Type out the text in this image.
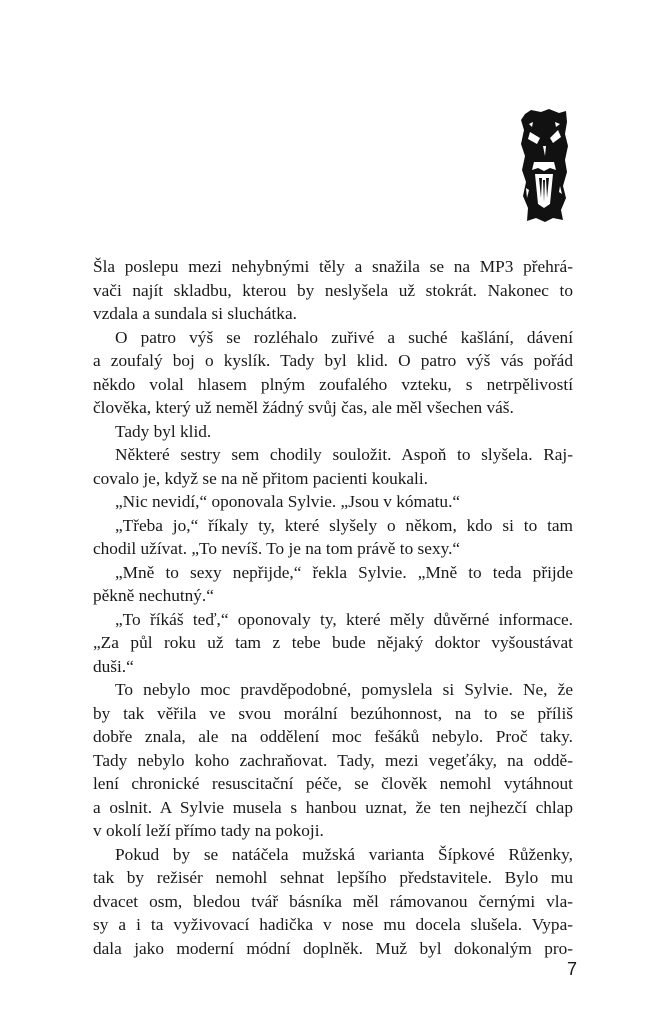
Šla poslepu mezi nehybnými těly a snažila se na MP3 přehrá-
vači najít skladbu, kterou by neslyšela už stokrát. Nakonec to
vzdala a sundala si sluchátka.
O patro výš se rozléhalo zuřivé a suché kašlání, dávení
a zoufalý boj o kyslík. Tady byl klid. O patro výš vás pořád
někdo volal hlasem plným zoufalého vzteku, s netrpělivostí
člověka, který už neměl žádný svůj čas, ale měl všechen váš.
Tady byl klid.
Některé sestry sem chodily souložit. Aspoň to slyšela. Raj-
covalo je, když se na ně přitom pacienti koukali.
„Nic nevidí,“ oponovala Sylvie. „Jsou v kómatu.“
„Třeba jo,“ říkaly ty, které slyšely o někom, kdo si to tam
chodil užívat. „To nevíš. To je na tom právě to sexy.“
„Mně to sexy nepřijde,“ řekla Sylvie. „Mně to teda přijde
pěkně nechutný.“
„To říkáš teď,“ oponovaly ty, které měly důvěrné informace.
„Za půl roku už tam z tebe bude nějaký doktor vyšoustávat
duši.“
To nebylo moc pravděpodobné, pomyslela si Sylvie. Ne, že
by tak věřila ve svou morální bezúhonnost, na to se příliš
dobře znala, ale na oddělení moc fešáků nebylo. Proč taky.
Tady nebylo koho zachraňovat. Tady, mezi vegeťáky, na oddě-
lení chronické resuscitační péče, se člověk nemohl vytáhnout
a oslnit. A Sylvie musela s hanbou uznat, že ten nejhezčí chlap
v okolí leží přímo tady na pokoji.
Pokud by se natáčela mužská varianta Šípkové Růženky,
tak by režisér nemohl sehnat lepšího představitele. Bylo mu
dvacet osm, bledou tvář básníka měl rámovanou černými vla-
sy a i ta vyživovací hadička v nose mu docela slušela. Vypa-
dala jako moderní módní doplněk. Muž byl dokonalým pro-
7
